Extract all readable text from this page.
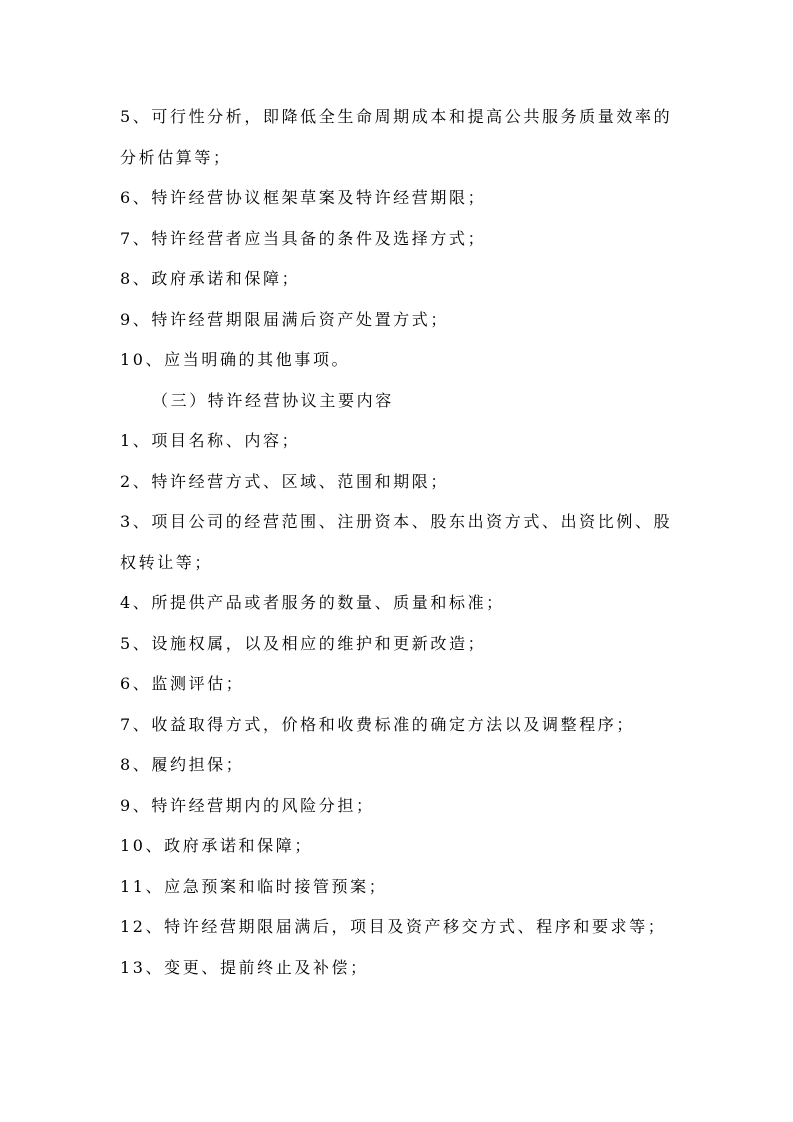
5、可行性分析，即降低全生命周期成本和提高公共服务质量效率的
分析估算等；
6、特许经营协议框架草案及特许经营期限；
7、特许经营者应当具备的条件及选择方式；
8、政府承诺和保障；
9、特许经营期限届满后资产处置方式；
10、应当明确的其他事项。
（三）特许经营协议主要内容
1、项目名称、内容；
2、特许经营方式、区域、范围和期限；
3、项目公司的经营范围、注册资本、股东出资方式、出资比例、股
权转让等；
4、所提供产品或者服务的数量、质量和标准；
5、设施权属，以及相应的维护和更新改造；
6、监测评估；
7、收益取得方式，价格和收费标准的确定方法以及调整程序；
8、履约担保；
9、特许经营期内的风险分担；
10、政府承诺和保障；
11、应急预案和临时接管预案；
12、特许经营期限届满后，项目及资产移交方式、程序和要求等；
13、变更、提前终止及补偿；
